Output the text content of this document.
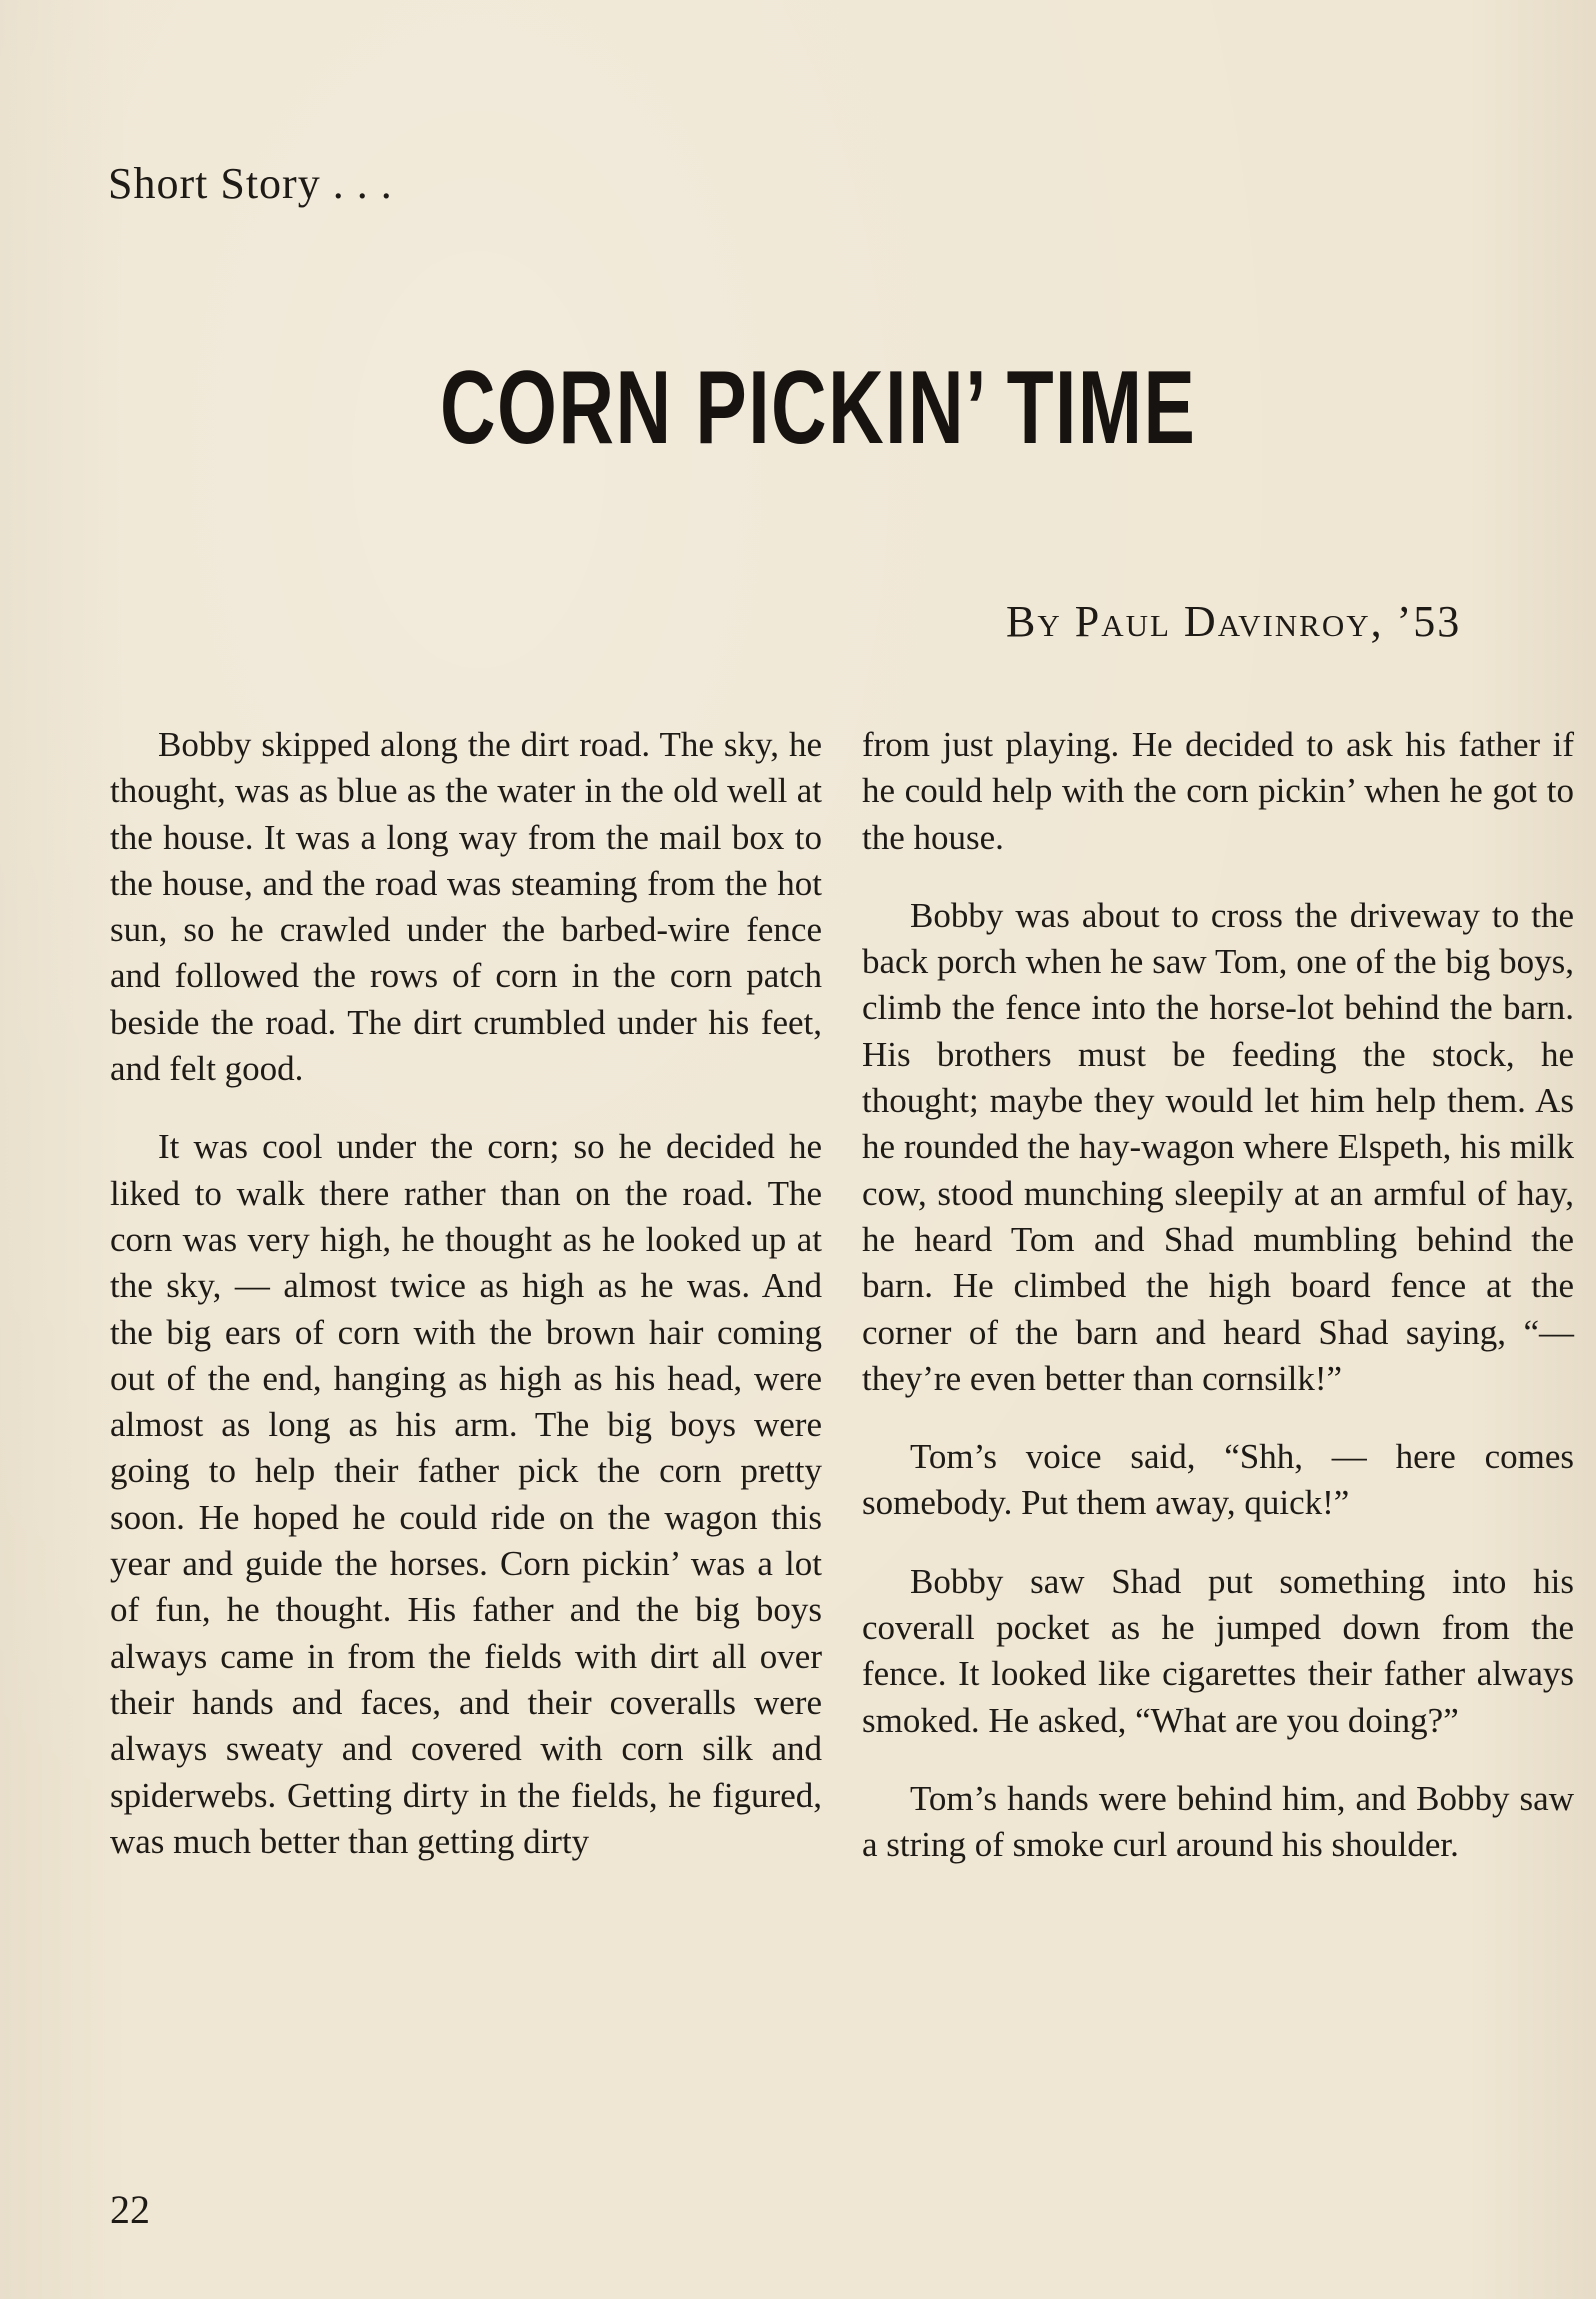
Short Story . . .
CORN PICKIN’ TIME
By Paul Davinroy, ’53

Bobby skipped along the dirt road. The sky, he thought, was as blue as the water in the old well at the house. It was a long way from the mail box to the house, and the road was steaming from the hot sun, so he crawled under the barbed-wire fence and followed the rows of corn in the corn patch beside the road. The dirt crumbled under his feet, and felt good.

It was cool under the corn; so he decided he liked to walk there rather than on the road. The corn was very high, he thought as he looked up at the sky, — almost twice as high as he was. And the big ears of corn with the brown hair coming out of the end, hanging as high as his head, were almost as long as his arm. The big boys were going to help their father pick the corn pretty soon. He hoped he could ride on the wagon this year and guide the horses. Corn pickin’ was a lot of fun, he thought. His father and the big boys always came in from the fields with dirt all over their hands and faces, and their coveralls were always sweaty and covered with corn silk and spiderwebs. Getting dirty in the fields, he figured, was much better than getting dirty

from just playing. He decided to ask his father if he could help with the corn pickin’ when he got to the house.

Bobby was about to cross the driveway to the back porch when he saw Tom, one of the big boys, climb the fence into the horse-lot behind the barn. His brothers must be feeding the stock, he thought; maybe they would let him help them. As he rounded the hay-wagon where Elspeth, his milk cow, stood munching sleepily at an armful of hay, he heard Tom and Shad mumbling behind the barn. He climbed the high board fence at the corner of the barn and heard Shad saying, “— they’re even better than cornsilk!”

Tom’s voice said, “Shh, — here comes somebody. Put them away, quick!”

Bobby saw Shad put something into his coverall pocket as he jumped down from the fence. It looked like cigarettes their father always smoked. He asked, “What are you doing?”

Tom’s hands were behind him, and Bobby saw a string of smoke curl around his shoulder.

22
